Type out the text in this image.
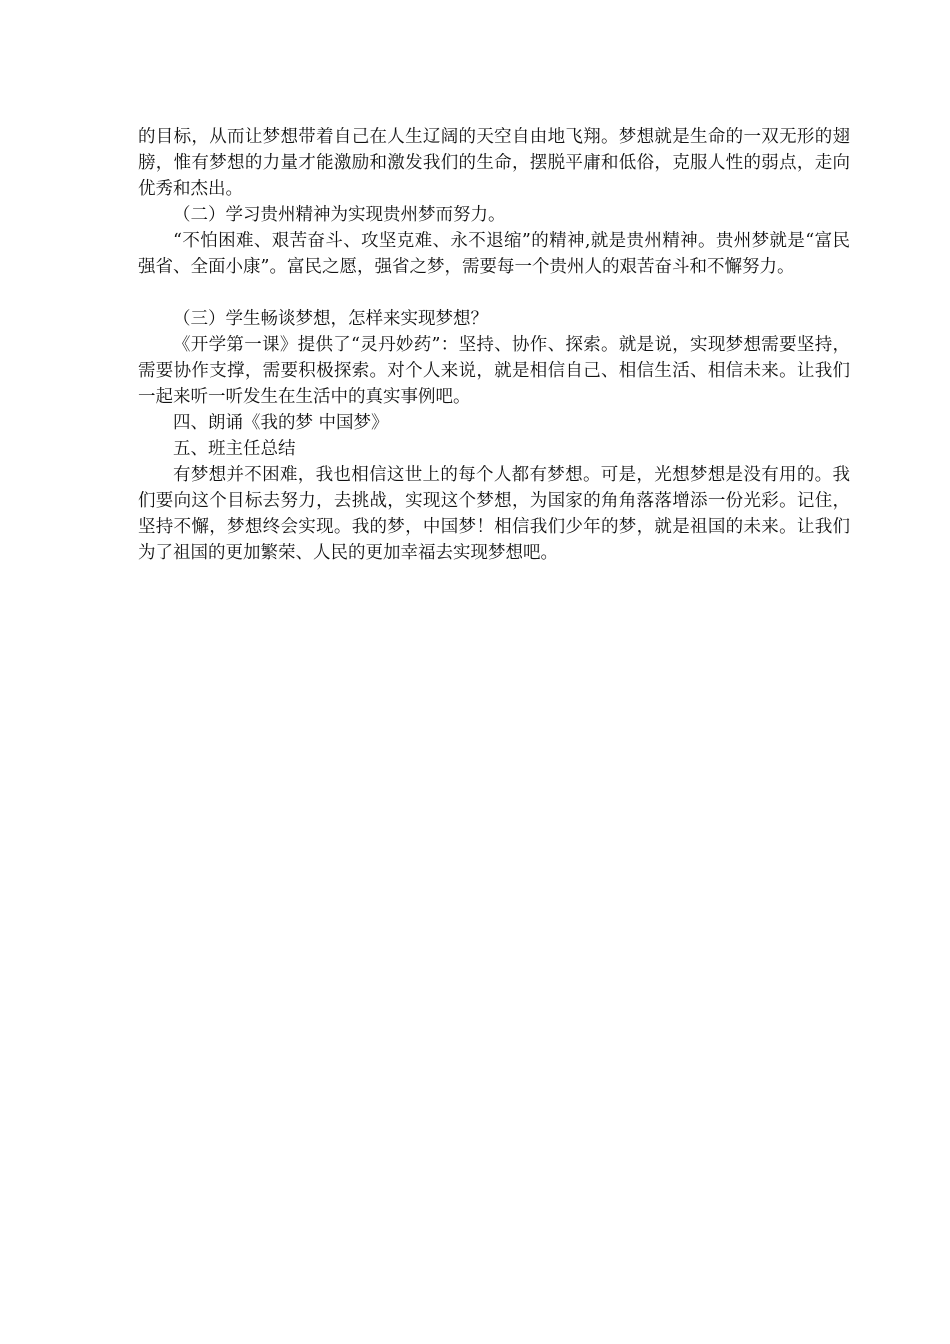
的目标，从而让梦想带着自己在人生辽阔的天空自由地飞翔。梦想就是生命的一双无形的翅膀，惟有梦想的力量才能激励和激发我们的生命，摆脱平庸和低俗，克服人性的弱点，走向优秀和杰出。

（二）学习贵州精神为实现贵州梦而努力。

“不怕困难、艰苦奋斗、攻坚克难、永不退缩”的精神,就是贵州精神。贵州梦就是“富民强省、全面小康”。富民之愿，强省之梦，需要每一个贵州人的艰苦奋斗和不懈努力。

（三）学生畅谈梦想，怎样来实现梦想？

《开学第一课》提供了“灵丹妙药”：坚持、协作、探索。就是说，实现梦想需要坚持，需要协作支撑，需要积极探索。对个人来说，就是相信自己、相信生活、相信未来。让我们一起来听一听发生在生活中的真实事例吧。

四、朗诵《我的梦 中国梦》

五、班主任总结

有梦想并不困难，我也相信这世上的每个人都有梦想。可是，光想梦想是没有用的。我们要向这个目标去努力，去挑战，实现这个梦想，为国家的角角落落增添一份光彩。记住，坚持不懈，梦想终会实现。我的梦，中国梦！相信我们少年的梦，就是祖国的未来。让我们为了祖国的更加繁荣、人民的更加幸福去实现梦想吧。
